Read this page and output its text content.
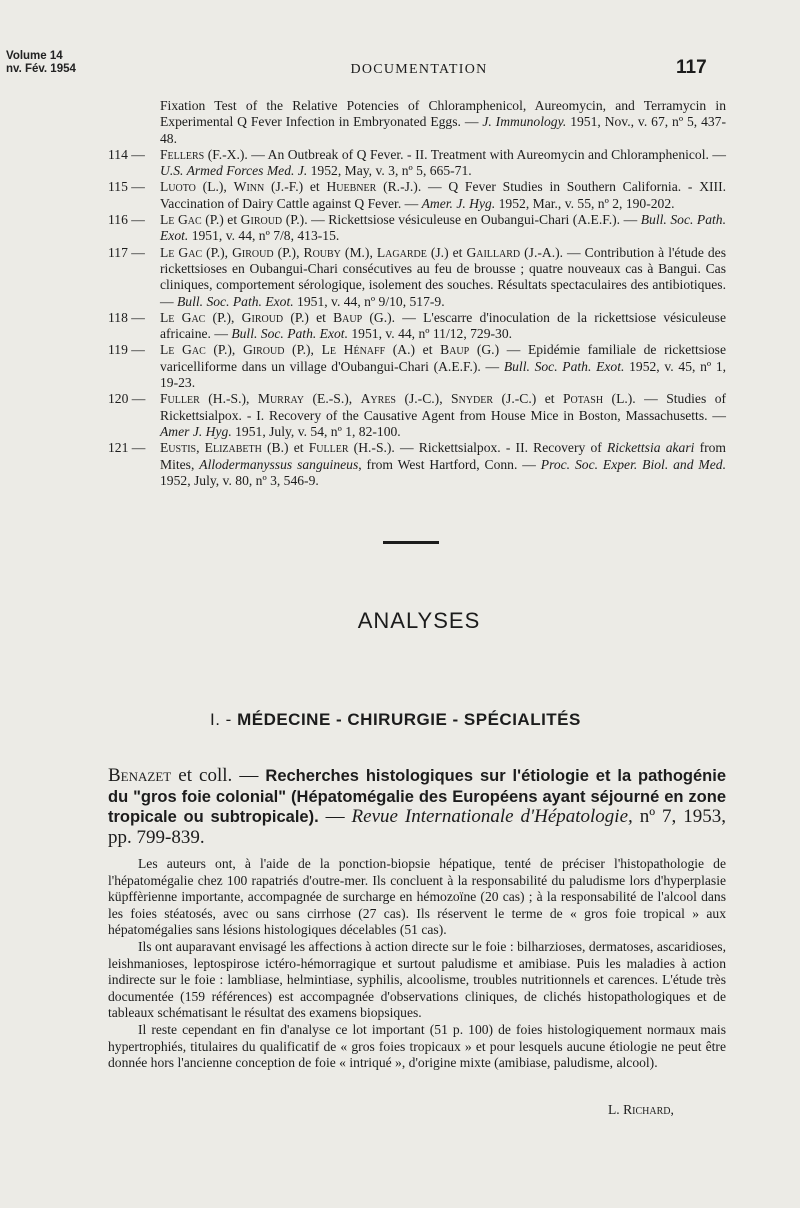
Volume 14
nv. Fév. 1954	DOCUMENTATION	117
Fixation Test of the Relative Potencies of Chloramphenicol, Aureomycin, and Terramycin in Experimental Q Fever Infection in Embryonated Eggs. — J. Immunology. 1951, Nov., v. 67, nº 5, 437-48.
114 —	Fellers (F.-X.). — An Outbreak of Q Fever. - II. Treatment with Aureomycin and Chloramphenicol. — U.S. Armed Forces Med. J. 1952, May, v. 3, nº 5, 665-71.
115 —	Luoto (L.), Winn (J.-F.) et Huebner (R.-J.). — Q Fever Studies in Southern California. - XIII. Vaccination of Dairy Cattle against Q Fever. — Amer. J. Hyg. 1952, Mar., v. 55, nº 2, 190-202.
116 —	Le Gac (P.) et Giroud (P.). — Rickettsiose vésiculeuse en Oubangui-Chari (A.E.F.). — Bull. Soc. Path. Exot. 1951, v. 44, nº 7/8, 413-15.
117 —	Le Gac (P.), Giroud (P.), Rouby (M.), Lagarde (J.) et Gaillard (J.-A.). — Contribution à l'étude des rickettsioses en Oubangui-Chari consécutives au feu de brousse ; quatre nouveaux cas à Bangui. Cas cliniques, comportement sérologique, isolement des souches. Résultats spectaculaires des antibiotiques. — Bull. Soc. Path. Exot. 1951, v. 44, nº 9/10, 517-9.
118 —	Le Gac (P.), Giroud (P.) et Baup (G.). — L'escarre d'inoculation de la rickettsiose vésiculeuse africaine. — Bull. Soc. Path. Exot. 1951, v. 44, nº 11/12, 729-30.
119 —	Le Gac (P.), Giroud (P.), Le Hénaff (A.) et Baup (G.) — Epidémie familiale de rickettsiose varicelliforme dans un village d'Oubangui-Chari (A.E.F.). — Bull. Soc. Path. Exot. 1952, v. 45, nº 1, 19-23.
120 —	Fuller (H.-S.), Murray (E.-S.), Ayres (J.-C.), Snyder (J.-C.) et Potash (L.). — Studies of Rickettsialpox. - I. Recovery of the Causative Agent from House Mice in Boston, Massachusetts. — Amer J. Hyg. 1951, July, v. 54, nº 1, 82-100.
121 —	Eustis, Elizabeth (B.) et Fuller (H.-S.). — Rickettsialpox. - II. Recovery of Rickettsia akari from Mites, Allodermanyssus sanguineus, from West Hartford, Conn. — Proc. Soc. Exper. Biol. and Med. 1952, July, v. 80, nº 3, 546-9.
ANALYSES
I. - MÉDECINE - CHIRURGIE - SPÉCIALITÉS
Benazet et coll. — Recherches histologiques sur l'étiologie et la pathogénie du "gros foie colonial" (Hépatomégalie des Européens ayant séjourné en zone tropicale ou subtropicale). — Revue Internationale d'Hépatologie, nº 7, 1953, pp. 799-839.

Les auteurs ont, à l'aide de la ponction-biopsie hépatique, tenté de préciser l'histopathologie de l'hépatomégalie chez 100 rapatriés d'outre-mer. Ils concluent à la responsabilité du paludisme lors d'hyperplasie küpffèrienne importante, accompagnée de surcharge en hémozoïne (20 cas) ; à la responsabilité de l'alcool dans les foies stéatosés, avec ou sans cirrhose (27 cas). Ils réservent le terme de « gros foie tropical » aux hépatomégalies sans lésions histologiques décelables (51 cas).

Ils ont auparavant envisagé les affections à action directe sur le foie : bilharzioses, dermatoses, ascaridioses, leishmanioses, leptospirose ictéro-hémorragique et surtout paludisme et amibiase. Puis les maladies à action indirecte sur le foie : lambliase, helmintiase, syphilis, alcoolisme, troubles nutritionnels et carences. L'étude très documentée (159 références) est accompagnée d'observations cliniques, de clichés histopathologiques et de tableaux schématisant le résultat des examens biopsiques.

Il reste cependant en fin d'analyse ce lot important (51 p. 100) de foies histologiquement normaux mais hypertrophiés, titulaires du qualificatif de « gros foies tropicaux » et pour lesquels aucune étiologie ne peut être donnée hors l'ancienne conception de foie « intriqué », d'origine mixte (amibiase, paludisme, alcool).

L. Richard,
